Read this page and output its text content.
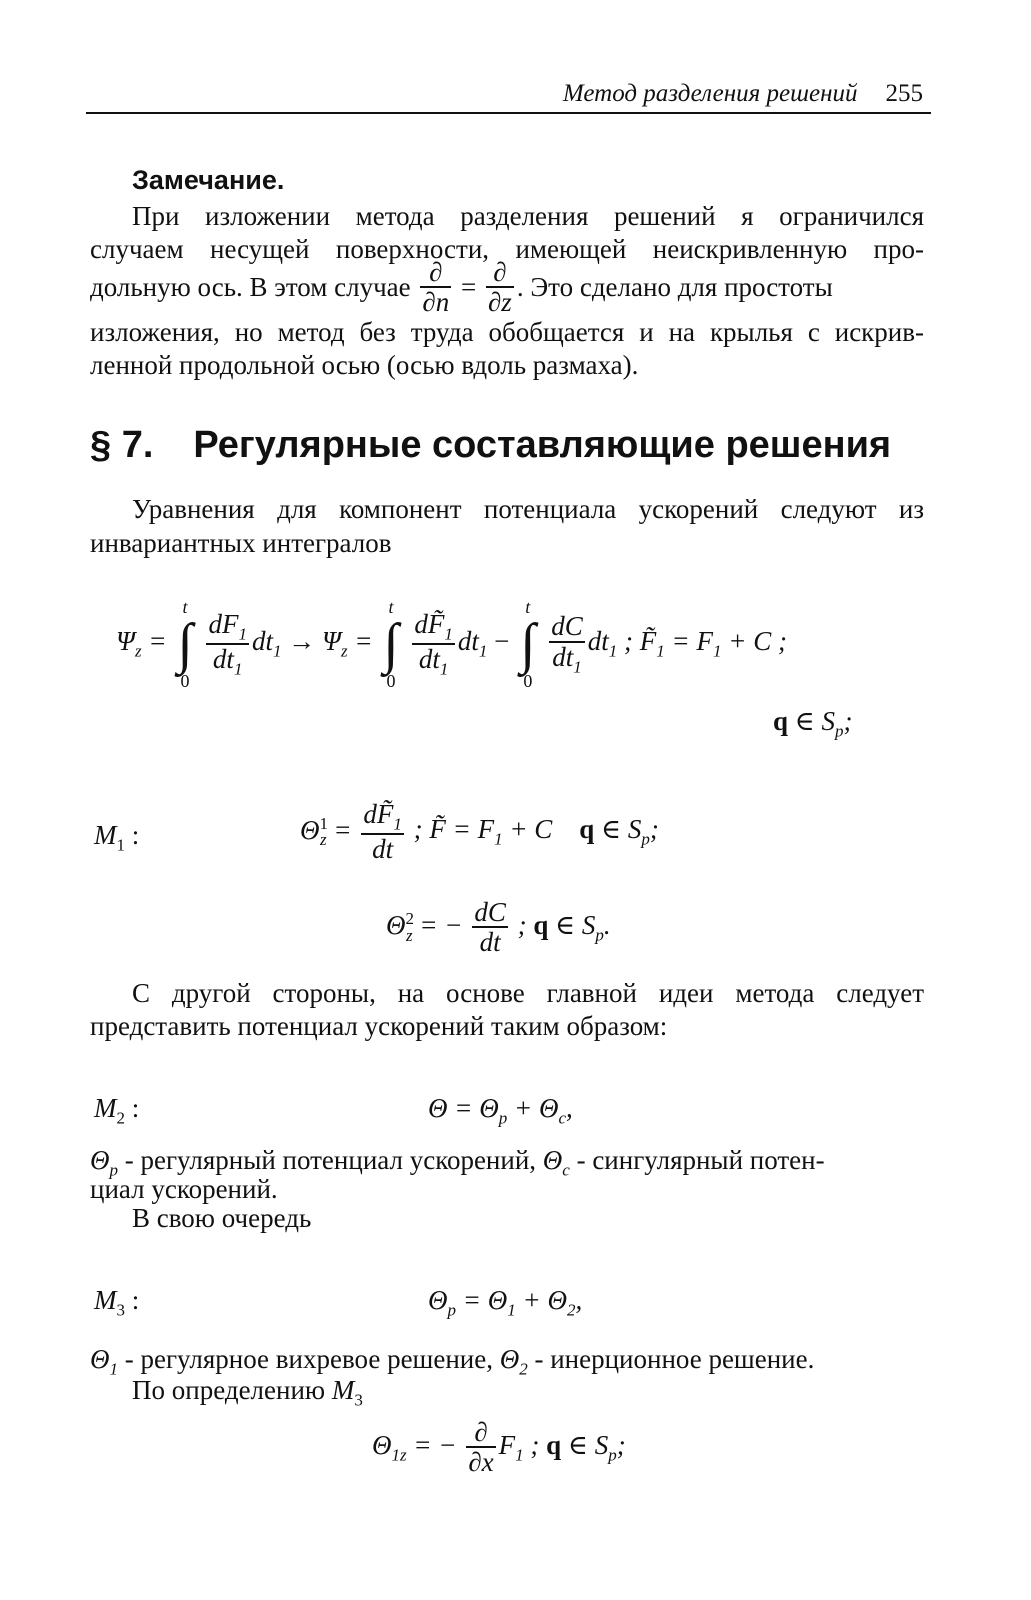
Метод разделения решений 255
Замечание.
При изложении метода разделения решений я ограничился
случаем несущей поверхности, имеющей неискривленную про-
дольную ось. В этом случае $\frac{\partial}{\partial n} = \frac{\partial}{\partial z}$ . Это сделано для простоты
изложения, но метод без труда обобщается и на крылья с искрив-
ленной продольной осью (осью вдоль размаха).
§ 7. Регулярные составляющие решения
Уравнения для компонент потенциала ускорений следуют из
инвариантных интегралов
$\Psi_z$ =
t
∫
0

$\frac{dF_1}{dt_1} dt_1 \to \Psi_z$ =
t
∫
0

$\frac{dF̃_1}{dt_1} dt_1$ −
t
∫
0

$\frac{dC}{dt_1} dt_1$ ; $F̃_1 = F_1 + C$ ;
q ∈ $S_p$;
$M_1$ :	$\Theta^1_z = \frac{dF̃_1}{dt}$ ; F̃ = $F_1 + C$    q ∈ $S_p$;
$\Theta^2_z$ = − $\frac{dC}{dt}$ ; q ∈ $S_p$.
С другой стороны, на основе главной идеи метода следует
представить потенциал ускорений таким образом:
$M_2$ :	$\Theta = \Theta_p + \Theta_c$,
$\Theta_p$ - регулярный потенциал ускорений, $\Theta_c$ - сингулярный потен-
циал ускорений.
В свою очередь
$M_3$ :	$\Theta_p = \Theta_1 + \Theta_2$,
$\Theta_1$ - регулярное вихревое решение, $\Theta_2$ - инерционное решение.
По определению $M_3$
$\Theta_{1z}$ = − $\frac{\partial}{\partial x} F_1$ ; q ∈ $S_p$;
